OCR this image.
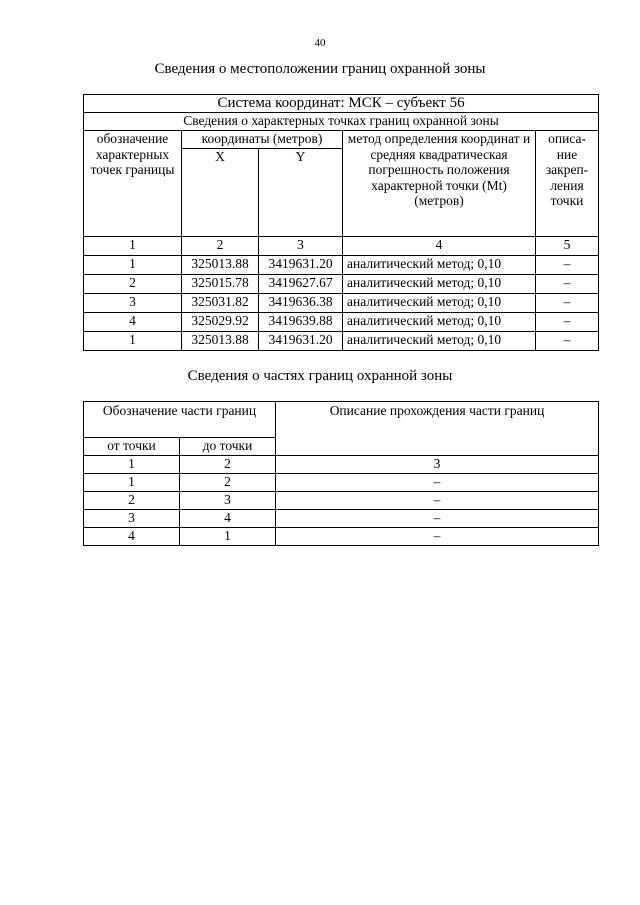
40
Сведения о местоположении границ охранной зоны
Система координат: МСК – субъект 56				
Сведения о характерных точках границ охранной зоны				
обозначение характерных точек границы	координаты (метров)		метод определения координат и средняя квадратическая погрешность положения характерной точки (Mt) (метров)	описа-ние закреп-ления точки
	X	Y		
1	2	3	4	5
1	325013.88	3419631.20	аналитический метод; 0,10	–
2	325015.78	3419627.67	аналитический метод; 0,10	–
3	325031.82	3419636.38	аналитический метод; 0,10	–
4	325029.92	3419639.88	аналитический метод; 0,10	–
1	325013.88	3419631.20	аналитический метод; 0,10	–
Сведения о частях границ охранной зоны
Обозначение части границ		Описание прохождения части границ
от точки	до точки	
1	2	3
1	2	–
2	3	–
3	4	–
4	1	–
